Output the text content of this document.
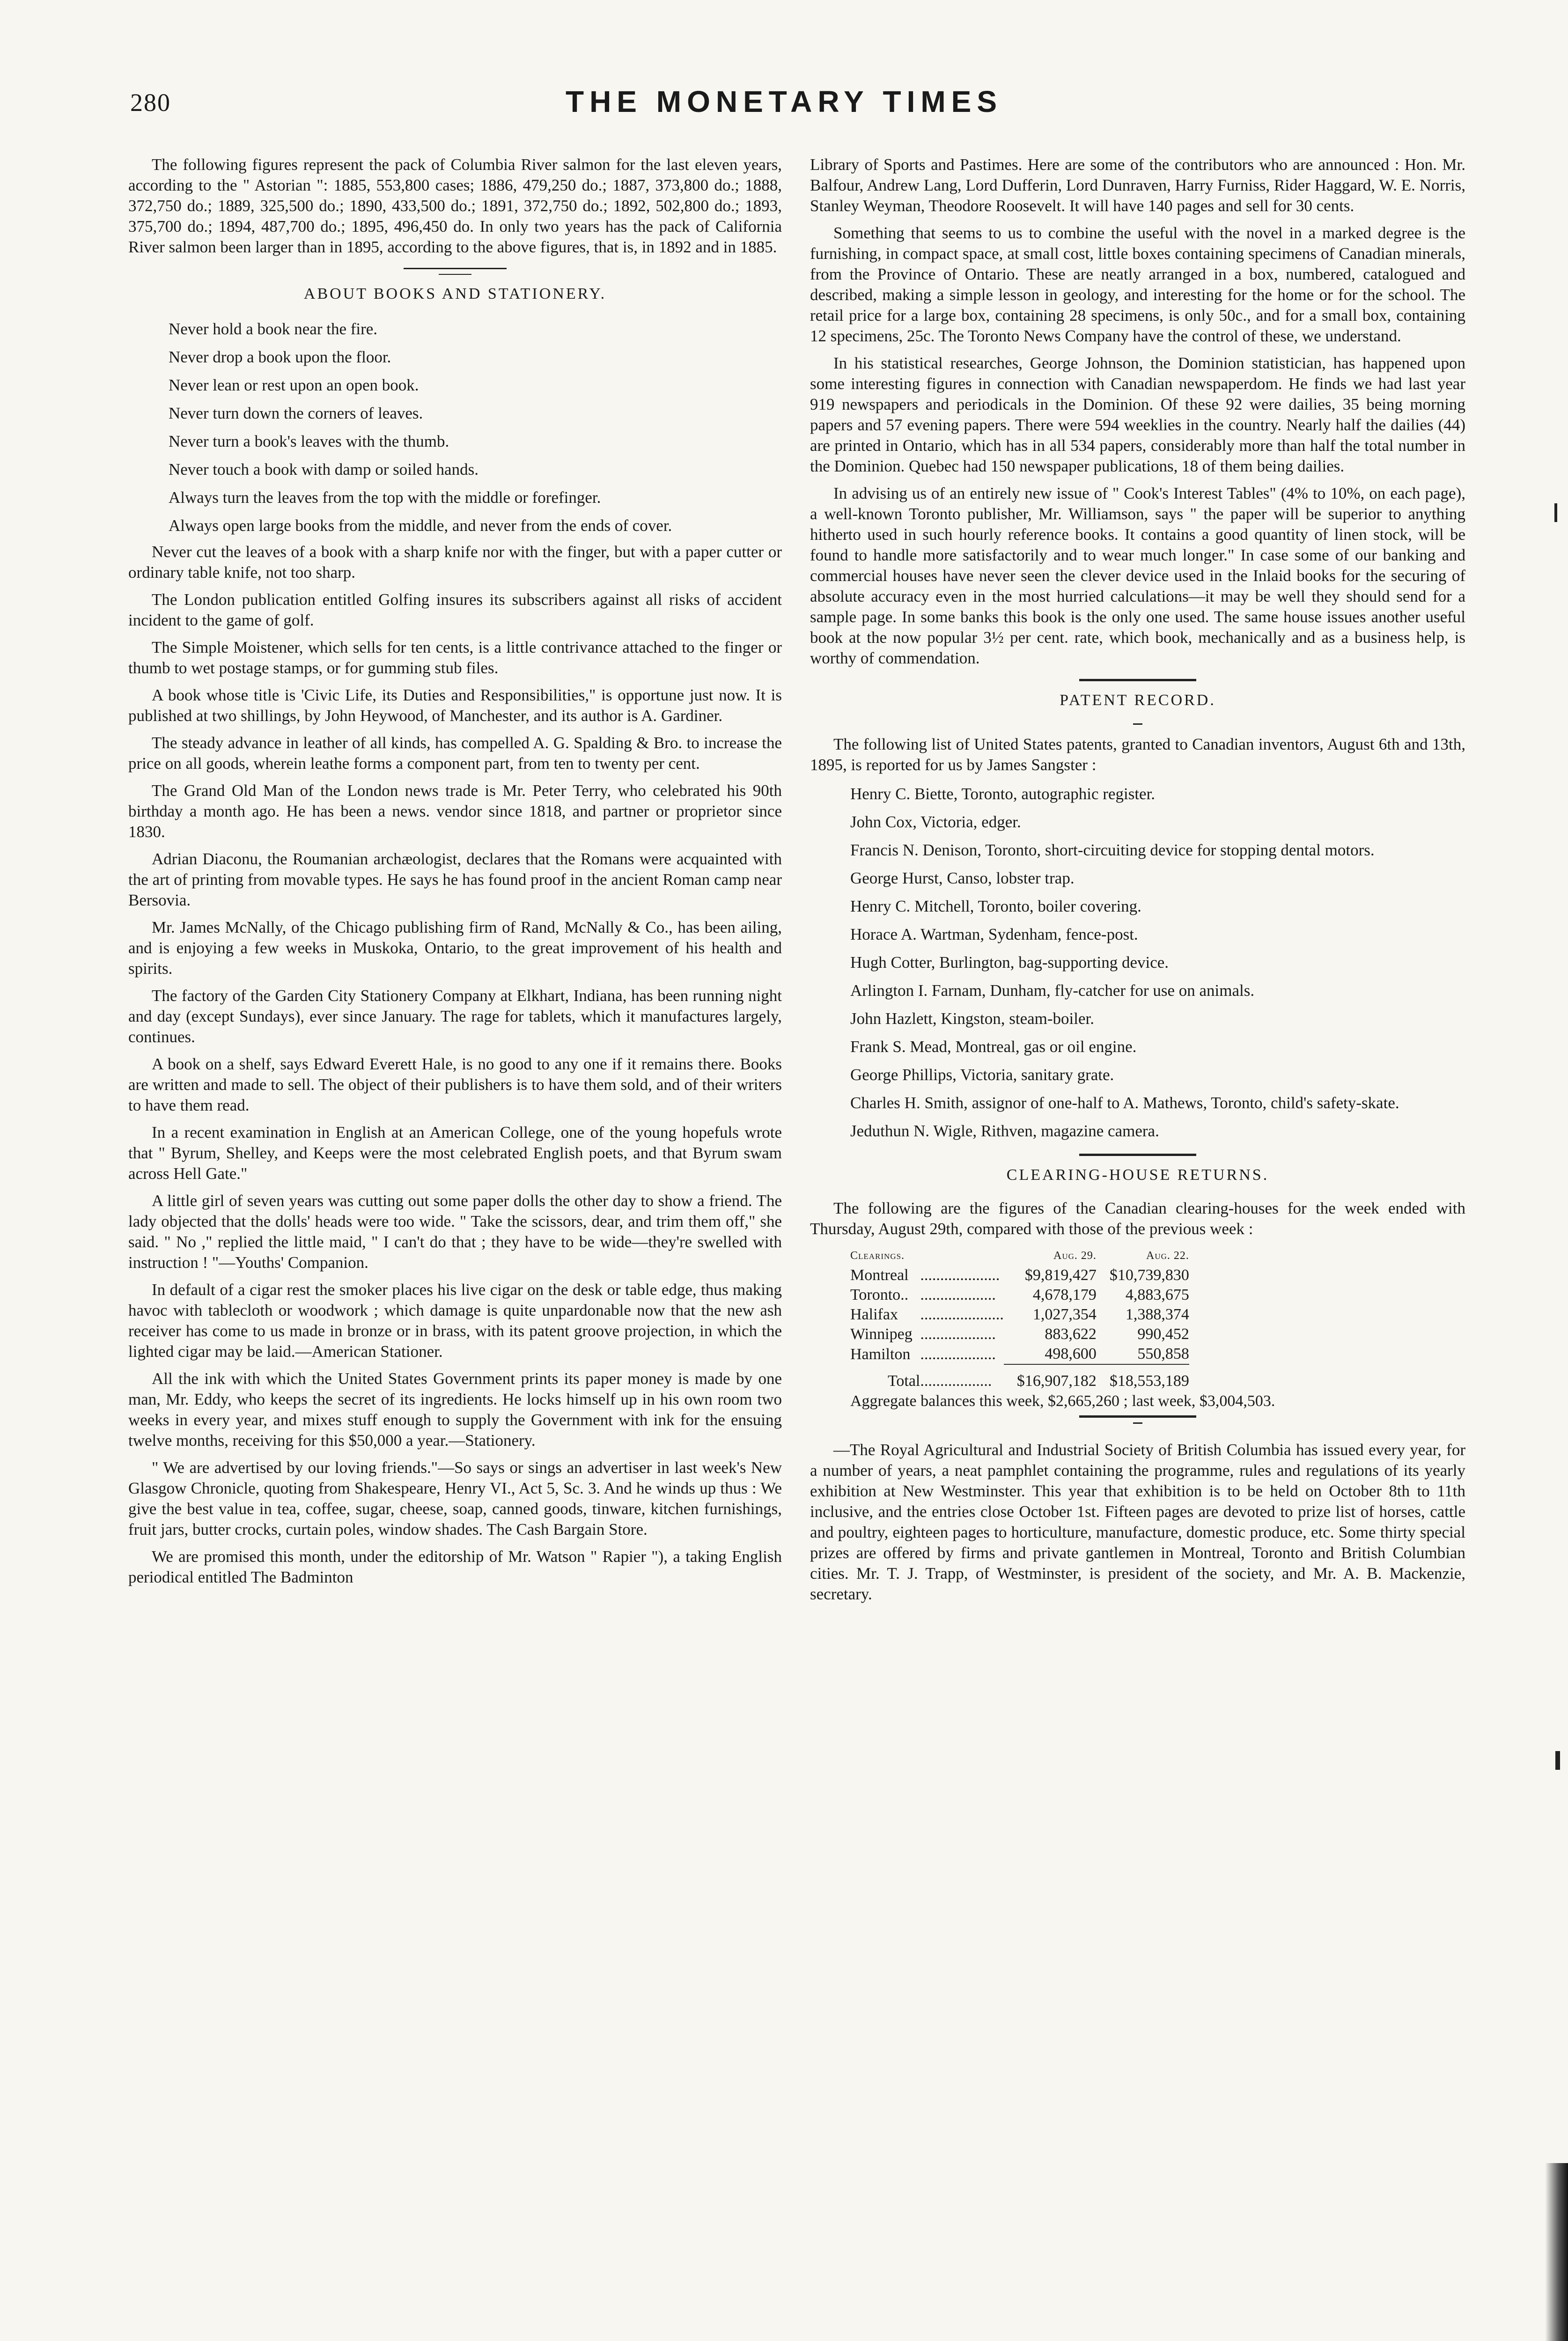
280	THE MONETARY TIMES

The following figures represent the pack of Columbia River salmon for the last eleven years, according to the " Astorian ": 1885, 553,800 cases; 1886, 479,250 do.; 1887, 373,800 do.; 1888, 372,750 do.; 1889, 325,500 do.; 1890, 433,500 do.; 1891, 372,750 do.; 1892, 502,800 do.; 1893, 375,700 do.; 1894, 487,700 do.; 1895, 496,450 do. In only two years has the pack of California River salmon been larger than in 1895, according to the above figures, that is, in 1892 and in 1885.

ABOUT BOOKS AND STATIONERY.

Never hold a book near the fire.

Never drop a book upon the floor.

Never lean or rest upon an open book.

Never turn down the corners of leaves.

Never turn a book's leaves with the thumb.

Never touch a book with damp or soiled hands.

Always turn the leaves from the top with the middle or forefinger.

Always open large books from the middle, and never from the ends of cover.

Never cut the leaves of a book with a sharp knife nor with the finger, but with a paper cutter or ordinary table knife, not too sharp.

The London publication entitled Golfing insures its subscribers against all risks of accident incident to the game of golf.

The Simple Moistener, which sells for ten cents, is a little contrivance attached to the finger or thumb to wet postage stamps, or for gumming stub files.

A book whose title is 'Civic Life, its Duties and Responsibilities," is opportune just now. It is published at two shillings, by John Heywood, of Manchester, and its author is A. Gardiner.

The steady advance in leather of all kinds, has compelled A. G. Spalding & Bro. to increase the price on all goods, wherein leathe forms a component part, from ten to twenty per cent.

The Grand Old Man of the London news trade is Mr. Peter Terry, who celebrated his 90th birthday a month ago. He has been a news. vendor since 1818, and partner or proprietor since 1830.

Adrian Diaconu, the Roumanian archæologist, declares that the Romans were acquainted with the art of printing from movable types. He says he has found proof in the ancient Roman camp near Bersovia.

Mr. James McNally, of the Chicago publishing firm of Rand, McNally & Co., has been ailing, and is enjoying a few weeks in Muskoka, Ontario, to the great improvement of his health and spirits.

The factory of the Garden City Stationery Company at Elkhart, Indiana, has been running night and day (except Sundays), ever since January. The rage for tablets, which it manufactures largely, continues.

A book on a shelf, says Edward Everett Hale, is no good to any one if it remains there. Books are written and made to sell. The object of their publishers is to have them sold, and of their writers to have them read.

In a recent examination in English at an American College, one of the young hopefuls wrote that " Byrum, Shelley, and Keeps were the most celebrated English poets, and that Byrum swam across Hell Gate."

A little girl of seven years was cutting out some paper dolls the other day to show a friend. The lady objected that the dolls' heads were too wide. " Take the scissors, dear, and trim them off," she said. " No ," replied the little maid, " I can't do that ; they have to be wide—they're swelled with instruction ! "—Youths' Companion.

In default of a cigar rest the smoker places his live cigar on the desk or table edge, thus making havoc with tablecloth or woodwork ; which damage is quite unpardonable now that the new ash receiver has come to us made in bronze or in brass, with its patent groove projection, in which the lighted cigar may be laid.—American Stationer.

All the ink with which the United States Government prints its paper money is made by one man, Mr. Eddy, who keeps the secret of its ingredients. He locks himself up in his own room two weeks in every year, and mixes stuff enough to supply the Government with ink for the ensuing twelve months, receiving for this $50,000 a year.—Stationery.

" We are advertised by our loving friends."—So says or sings an advertiser in last week's New Glasgow Chronicle, quoting from Shakespeare, Henry VI., Act 5, Sc. 3. And he winds up thus : We give the best value in tea, coffee, sugar, cheese, soap, canned goods, tinware, kitchen furnishings, fruit jars, butter crocks, curtain poles, window shades. The Cash Bargain Store.

We are promised this month, under the editorship of Mr. Watson " Rapier "), a taking English periodical entitled The Badminton

Library of Sports and Pastimes. Here are some of the contributors who are announced : Hon. Mr. Balfour, Andrew Lang, Lord Dufferin, Lord Dunraven, Harry Furniss, Rider Haggard, W. E. Norris, Stanley Weyman, Theodore Roosevelt. It will have 140 pages and sell for 30 cents.

Something that seems to us to combine the useful with the novel in a marked degree is the furnishing, in compact space, at small cost, little boxes containing specimens of Canadian minerals, from the Province of Ontario. These are neatly arranged in a box, numbered, catalogued and described, making a simple lesson in geology, and interesting for the home or for the school. The retail price for a large box, containing 28 specimens, is only 50c., and for a small box, containing 12 specimens, 25c. The Toronto News Company have the control of these, we understand.

In his statistical researches, George Johnson, the Dominion statistician, has happened upon some interesting figures in connection with Canadian newspaperdom. He finds we had last year 919 newspapers and periodicals in the Dominion. Of these 92 were dailies, 35 being morning papers and 57 evening papers. There were 594 weeklies in the country. Nearly half the dailies (44) are printed in Ontario, which has in all 534 papers, considerably more than half the total number in the Dominion. Quebec had 150 newspaper publications, 18 of them being dailies.

In advising us of an entirely new issue of " Cook's Interest Tables" (4% to 10%, on each page), a well-known Toronto publisher, Mr. Williamson, says " the paper will be superior to anything hitherto used in such hourly reference books. It contains a good quantity of linen stock, will be found to handle more satisfactorily and to wear much longer." In case some of our banking and commercial houses have never seen the clever device used in the Inlaid books for the securing of absolute accuracy even in the most hurried calculations—it may be well they should send for a sample page. In some banks this book is the only one used. The same house issues another useful book at the now popular 3½ per cent. rate, which book, mechanically and as a business help, is worthy of commendation.

PATENT RECORD.

The following list of United States patents, granted to Canadian inventors, August 6th and 13th, 1895, is reported for us by James Sangster :

Henry C. Biette, Toronto, autographic register.

John Cox, Victoria, edger.

Francis N. Denison, Toronto, short-circuiting device for stopping dental motors.

George Hurst, Canso, lobster trap.

Henry C. Mitchell, Toronto, boiler covering.

Horace A. Wartman, Sydenham, fence-post.

Hugh Cotter, Burlington, bag-supporting device.

Arlington I. Farnam, Dunham, fly-catcher for use on animals.

John Hazlett, Kingston, steam-boiler.

Frank S. Mead, Montreal, gas or oil engine.

George Phillips, Victoria, sanitary grate.

Charles H. Smith, assignor of one-half to A. Mathews, Toronto, child's safety-skate.

Jeduthun N. Wigle, Rithven, magazine camera.

CLEARING-HOUSE RETURNS.

The following are the figures of the Canadian clearing-houses for the week ended with Thursday, August 29th, compared with those of the previous week :

Clearings.		Aug. 29.	Aug. 22.
Montreal	....................	$9,819,427	$10,739,830
Toronto..	...................	4,678,179	4,883,675
Halifax	.....................	1,027,354	1,388,374
Winnipeg	...................	883,622	990,452
Hamilton	...................	498,600	550,858
Total	..................	$16,907,182	$18,553,189
Aggregate balances this week, $2,665,260 ; last week, $3,004,503.

—The Royal Agricultural and Industrial Society of British Columbia has issued every year, for a number of years, a neat pamphlet containing the programme, rules and regulations of its yearly exhibition at New Westminster. This year that exhibition is to be held on October 8th to 11th inclusive, and the entries close October 1st. Fifteen pages are devoted to prize list of horses, cattle and poultry, eighteen pages to horticulture, manufacture, domestic produce, etc. Some thirty special prizes are offered by firms and private gantlemen in Montreal, Toronto and British Columbian cities. Mr. T. J. Trapp, of Westminster, is president of the society, and Mr. A. B. Mackenzie, secretary.
